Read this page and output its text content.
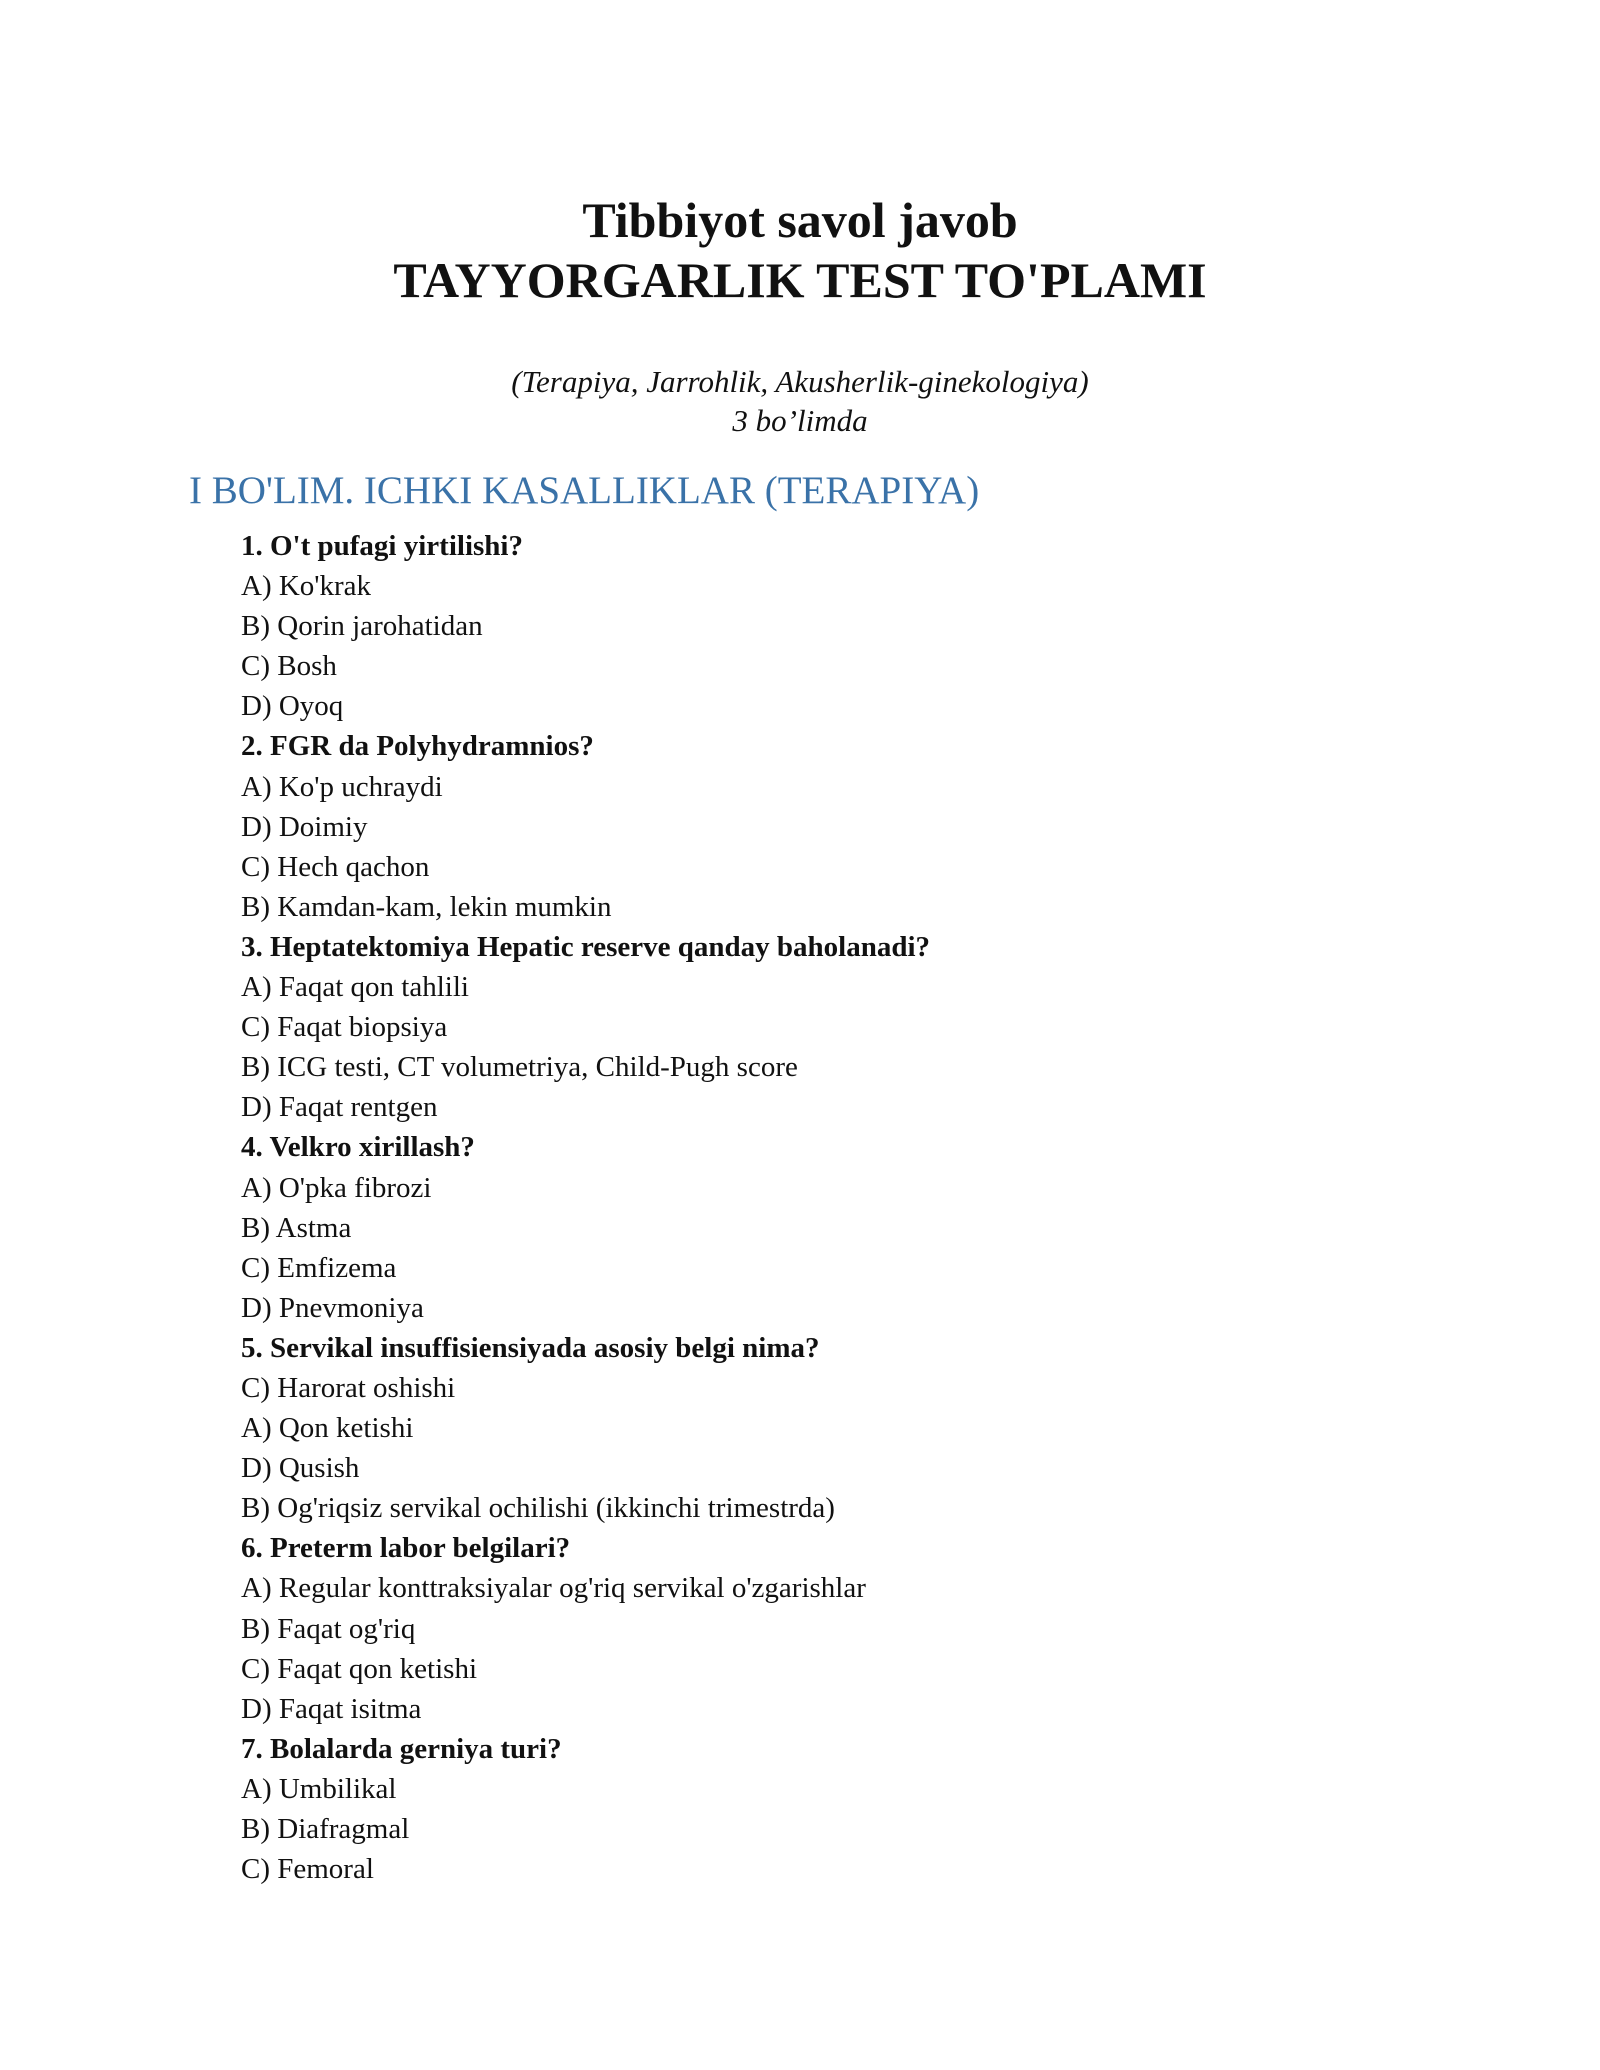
Tibbiyot savol javob
TAYYORGARLIK TEST TO'PLAMI
(Terapiya, Jarrohlik, Akusherlik-ginekologiya)
3 bo’limda
I BO'LIM. ICHKI KASALLIKLAR (TERAPIYA)
1. O't pufagi yirtilishi?
A) Ko'krak
B) Qorin jarohatidan
C) Bosh
D) Oyoq
2. FGR da Polyhydramnios?
A) Ko'p uchraydi
D) Doimiy
C) Hech qachon
B) Kamdan-kam, lekin mumkin
3. Heptatektomiya Hepatic reserve qanday baholanadi?
A) Faqat qon tahlili
C) Faqat biopsiya
B) ICG testi, CT volumetriya, Child-Pugh score
D) Faqat rentgen
4. Velkro xirillash?
A) O'pka fibrozi
B) Astma
C) Emfizema
D) Pnevmoniya
5. Servikal insuffisiensiyada asosiy belgi nima?
C) Harorat oshishi
A) Qon ketishi
D) Qusish
B) Og'riqsiz servikal ochilishi (ikkinchi trimestrda)
6. Preterm labor belgilari?
A) Regular konttraksiyalar og'riq servikal o'zgarishlar
B) Faqat og'riq
C) Faqat qon ketishi
D) Faqat isitma
7. Bolalarda gerniya turi?
A) Umbilikal
B) Diafragmal
C) Femoral
